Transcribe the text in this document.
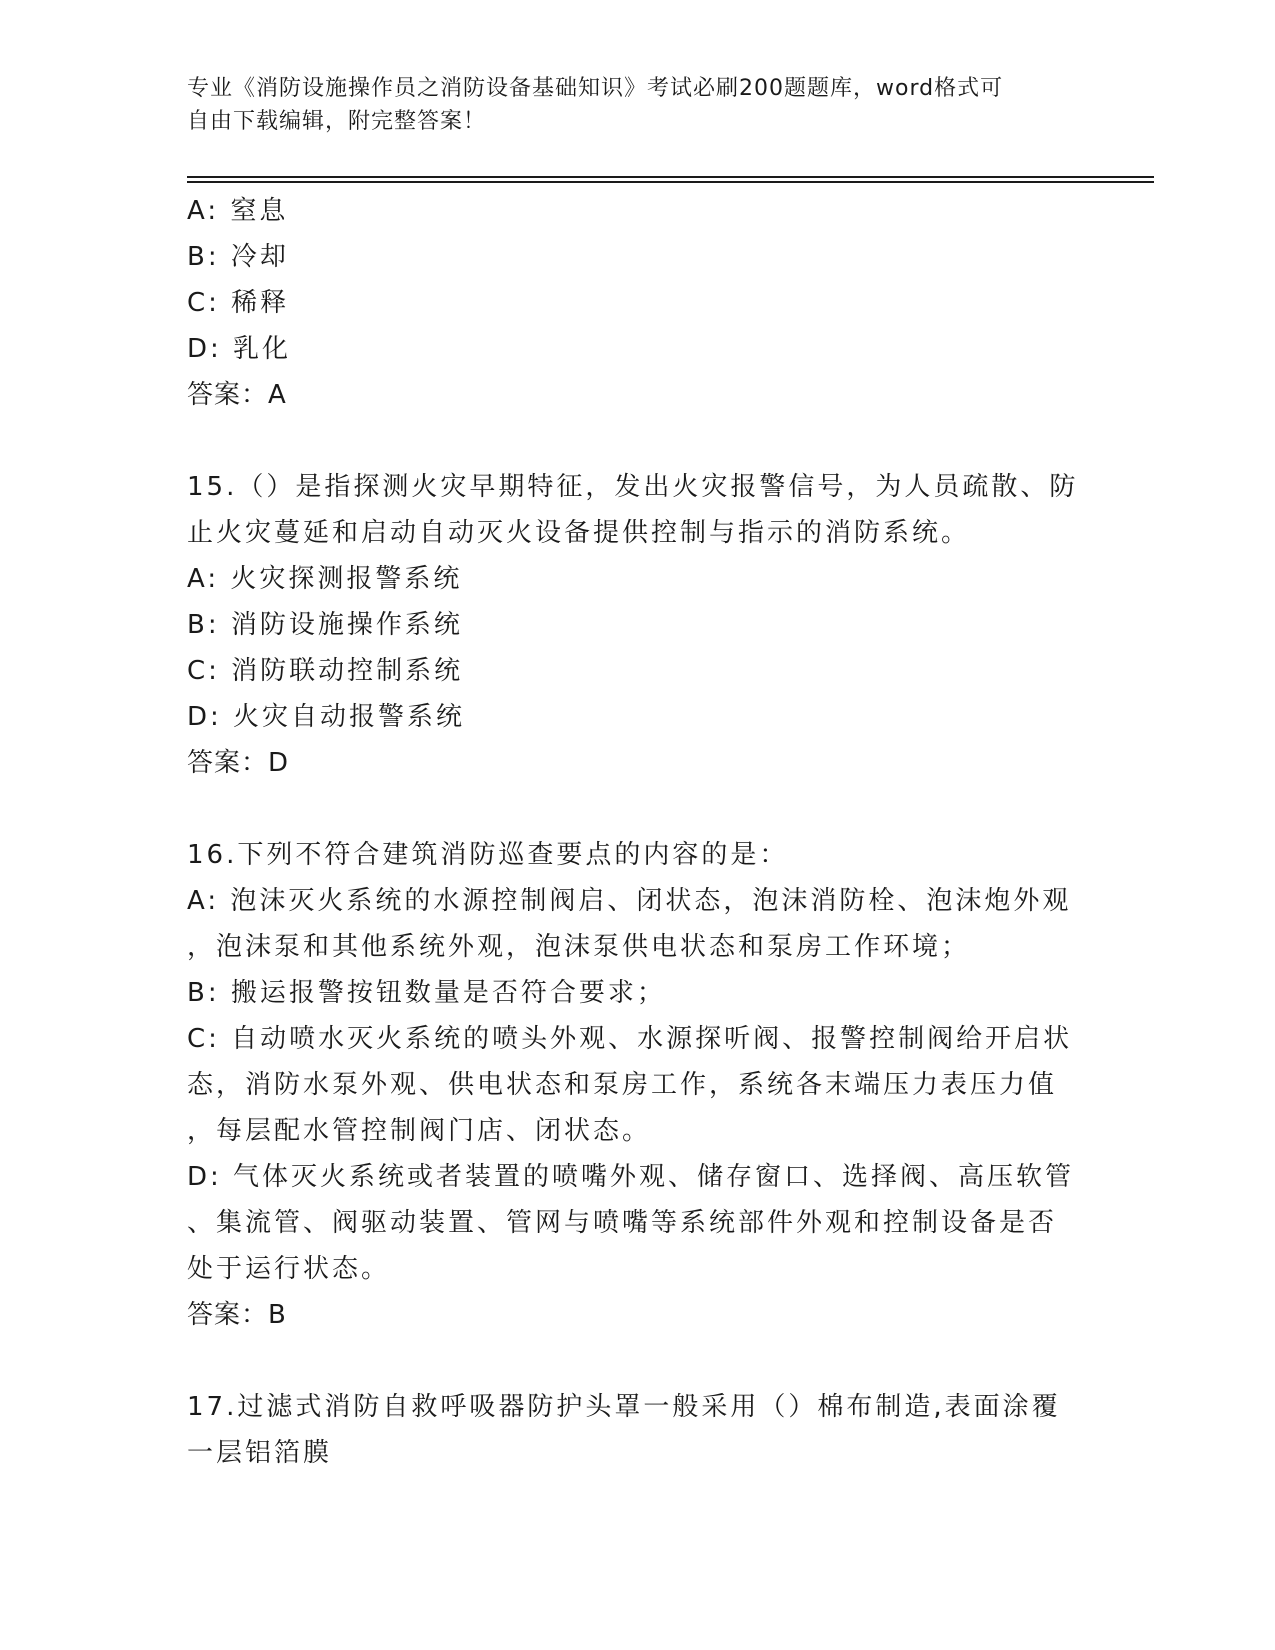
专业《消防设施操作员之消防设备基础知识》考试必刷200题题库，word格式可
自由下载编辑，附完整答案！
A: 窒息
B: 冷却
C: 稀释
D: 乳化
答案：A
15.（）是指探测火灾早期特征，发出火灾报警信号，为人员疏散、防
止火灾蔓延和启动自动灭火设备提供控制与指示的消防系统。
A: 火灾探测报警系统
B: 消防设施操作系统
C: 消防联动控制系统
D: 火灾自动报警系统
答案：D
16.下列不符合建筑消防巡查要点的内容的是：
A: 泡沫灭火系统的水源控制阀启、闭状态，泡沫消防栓、泡沫炮外观
，泡沫泵和其他系统外观，泡沫泵供电状态和泵房工作环境；
B: 搬运报警按钮数量是否符合要求；
C: 自动喷水灭火系统的喷头外观、水源探听阀、报警控制阀给开启状
态，消防水泵外观、供电状态和泵房工作，系统各末端压力表压力值
，每层配水管控制阀门店、闭状态。
D: 气体灭火系统或者装置的喷嘴外观、储存窗口、选择阀、高压软管
、集流管、阀驱动装置、管网与喷嘴等系统部件外观和控制设备是否
处于运行状态。
答案：B
17.过滤式消防自救呼吸器防护头罩一般采用（）棉布制造,表面涂覆
一层铝箔膜
